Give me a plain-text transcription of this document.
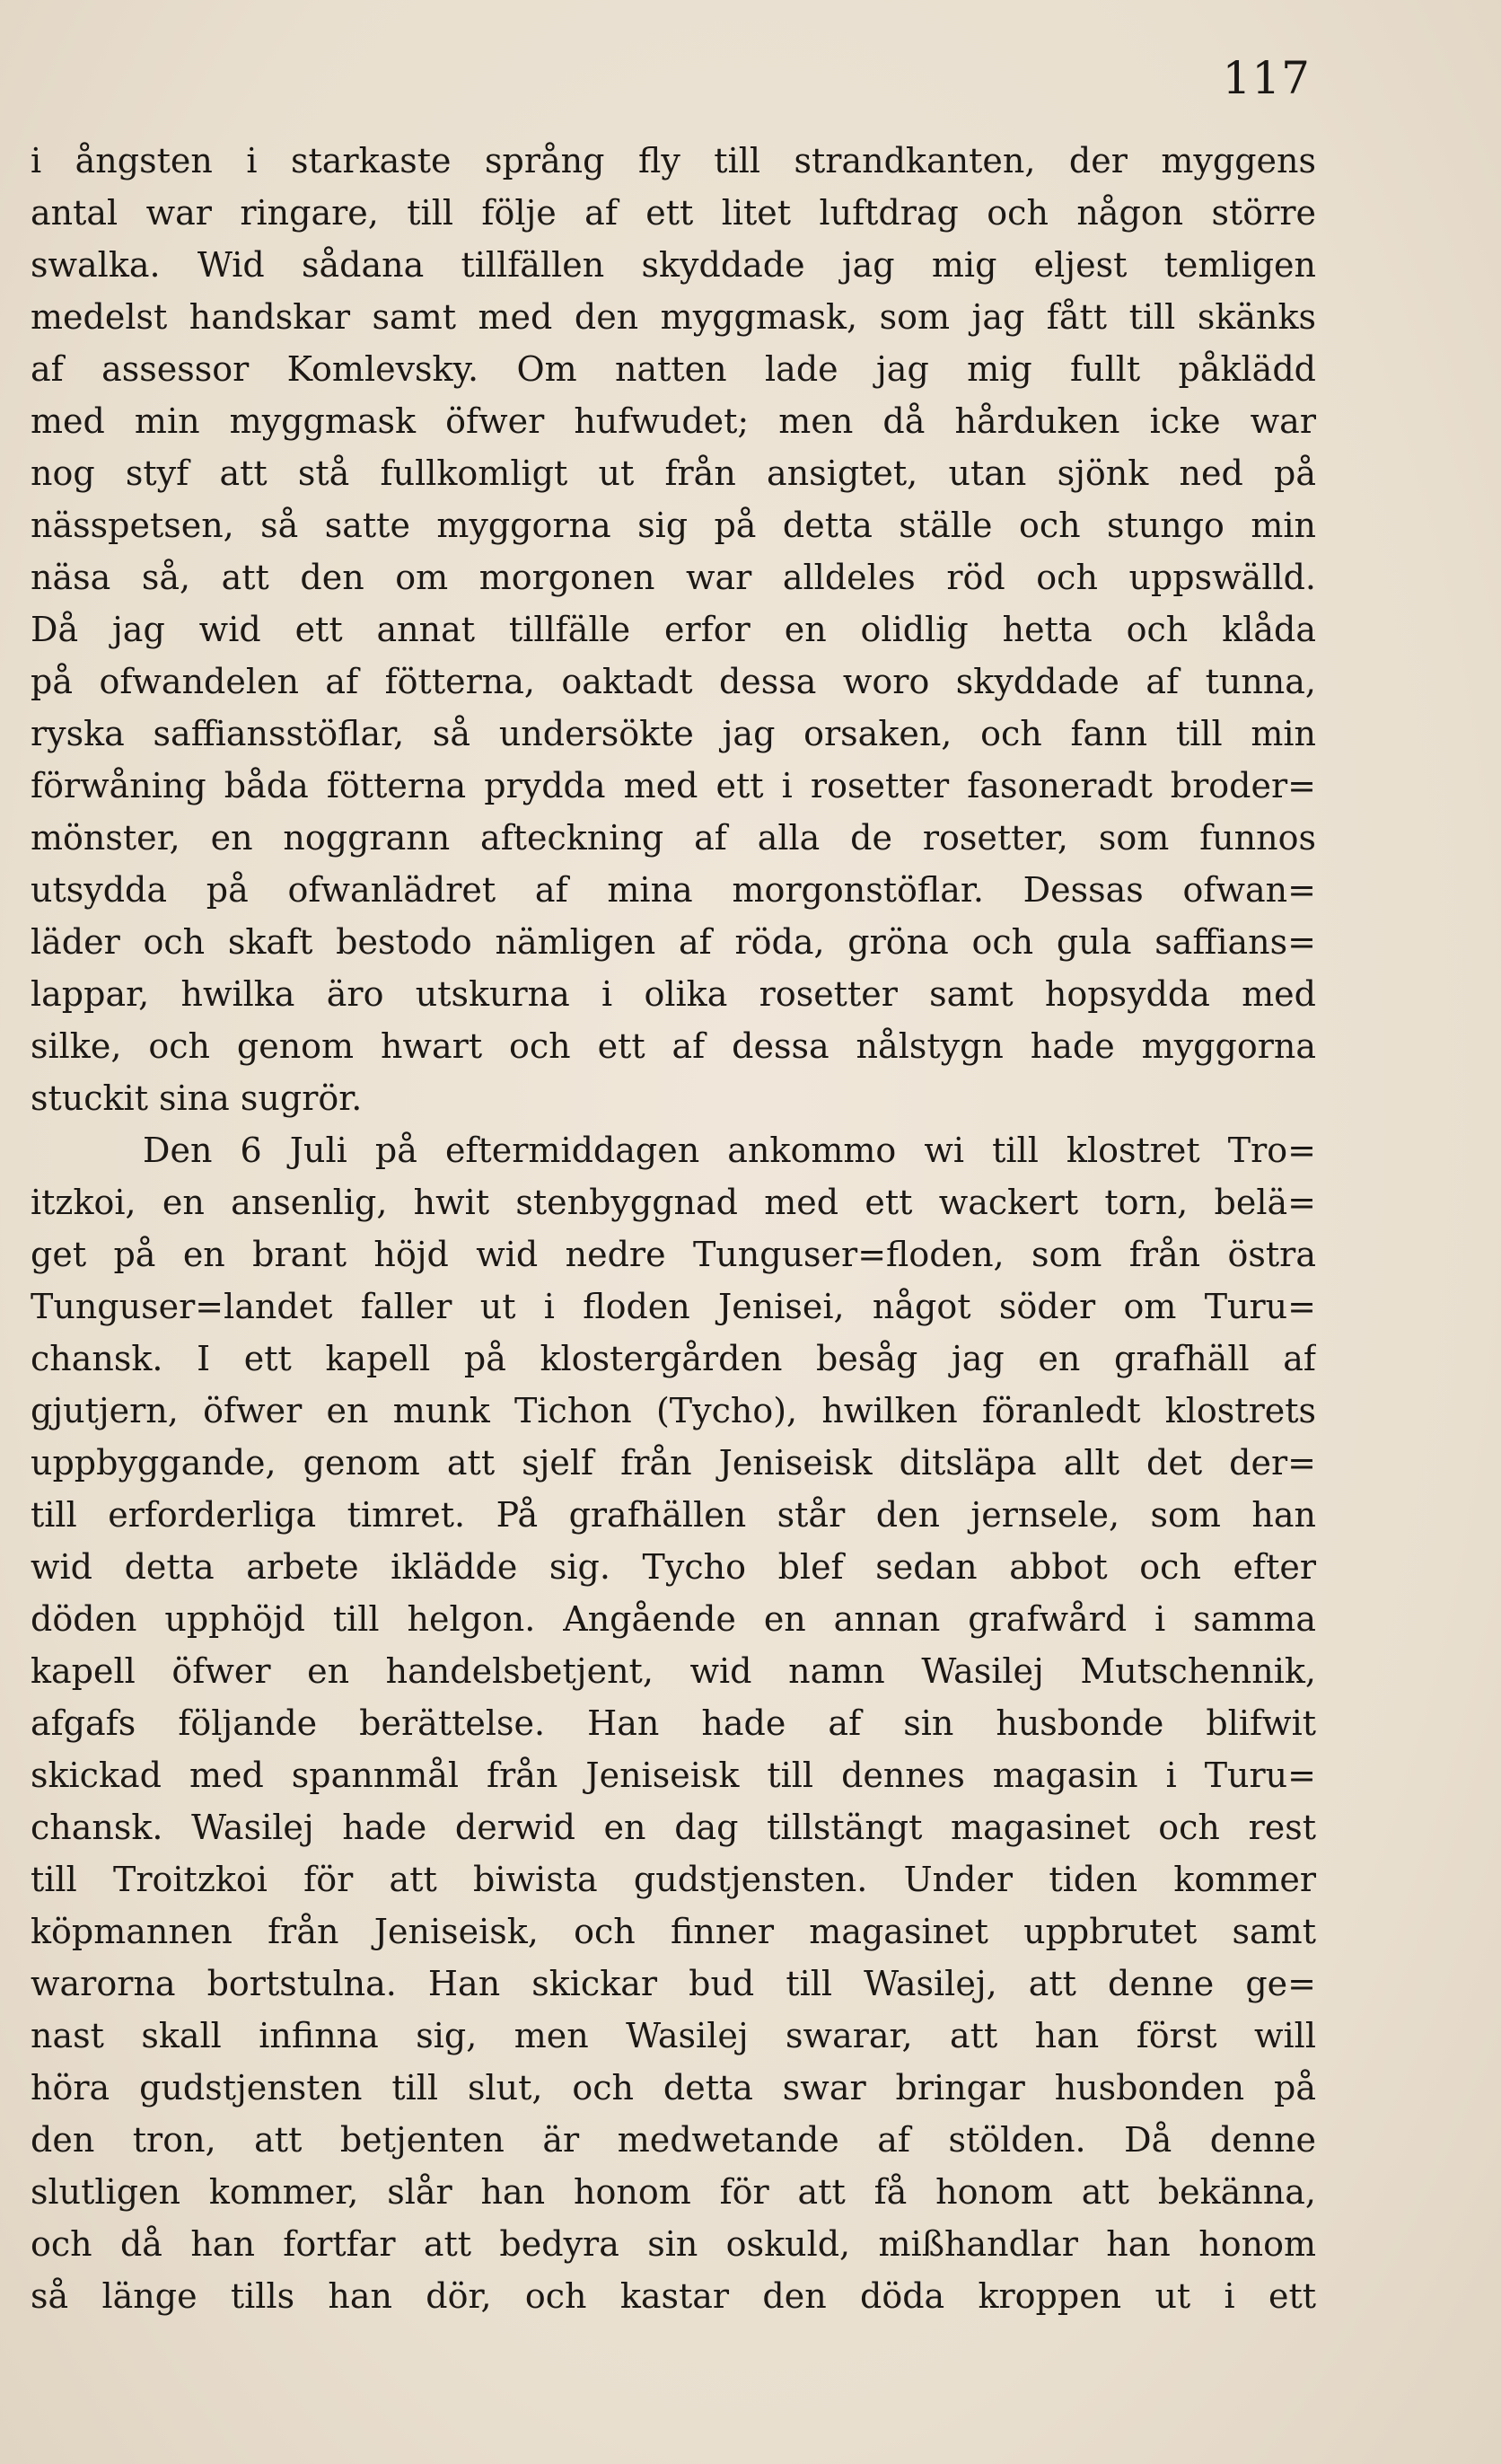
117
i ångsten i starkaste språng fly till strandkanten, der myggens
antal war ringare, till följe af ett litet luftdrag och någon större
swalka. Wid sådana tillfällen skyddade jag mig eljest temligen
medelst handskar samt med den myggmask, som jag fått till skänks
af assessor Komlevsky. Om natten lade jag mig fullt påklädd
med min myggmask öfwer hufwudet; men då hårduken icke war
nog styf att stå fullkomligt ut från ansigtet, utan sjönk ned på
nässpetsen, så satte myggorna sig på detta ställe och stungo min
näsa så, att den om morgonen war alldeles röd och uppswälld.
Då jag wid ett annat tillfälle erfor en olidlig hetta och klåda
på ofwandelen af fötterna, oaktadt dessa woro skyddade af tunna,
ryska saffiansstöflar, så undersökte jag orsaken, och fann till min
förwåning båda fötterna prydda med ett i rosetter fasoneradt broder=
mönster, en noggrann afteckning af alla de rosetter, som funnos
utsydda på ofwanlädret af mina morgonstöflar. Dessas ofwan=
läder och skaft bestodo nämligen af röda, gröna och gula saffians=
lappar, hwilka äro utskurna i olika rosetter samt hopsydda med
silke, och genom hwart och ett af dessa nålstygn hade myggorna
stuckit sina sugrör.
Den 6 Juli på eftermiddagen ankommo wi till klostret Tro=
itzkoi, en ansenlig, hwit stenbyggnad med ett wackert torn, belä=
get på en brant höjd wid nedre Tunguser=floden, som från östra
Tunguser=landet faller ut i floden Jenisei, något söder om Turu=
chansk. I ett kapell på klostergården besåg jag en grafhäll af
gjutjern, öfwer en munk Tichon (Tycho), hwilken föranledt klostrets
uppbyggande, genom att sjelf från Jeniseisk ditsläpa allt det der=
till erforderliga timret. På grafhällen står den jernsele, som han
wid detta arbete iklädde sig. Tycho blef sedan abbot och efter
döden upphöjd till helgon. Angående en annan grafwård i samma
kapell öfwer en handelsbetjent, wid namn Wasilej Mutschennik,
afgafs följande berättelse. Han hade af sin husbonde blifwit
skickad med spannmål från Jeniseisk till dennes magasin i Turu=
chansk. Wasilej hade derwid en dag tillstängt magasinet och rest
till Troitzkoi för att biwista gudstjensten. Under tiden kommer
köpmannen från Jeniseisk, och finner magasinet uppbrutet samt
warorna bortstulna. Han skickar bud till Wasilej, att denne ge=
nast skall infinna sig, men Wasilej swarar, att han först will
höra gudstjensten till slut, och detta swar bringar husbonden på
den tron, att betjenten är medwetande af stölden. Då denne
slutligen kommer, slår han honom för att få honom att bekänna,
och då han fortfar att bedyra sin oskuld, mißhandlar han honom
så länge tills han dör, och kastar den döda kroppen ut i ett
